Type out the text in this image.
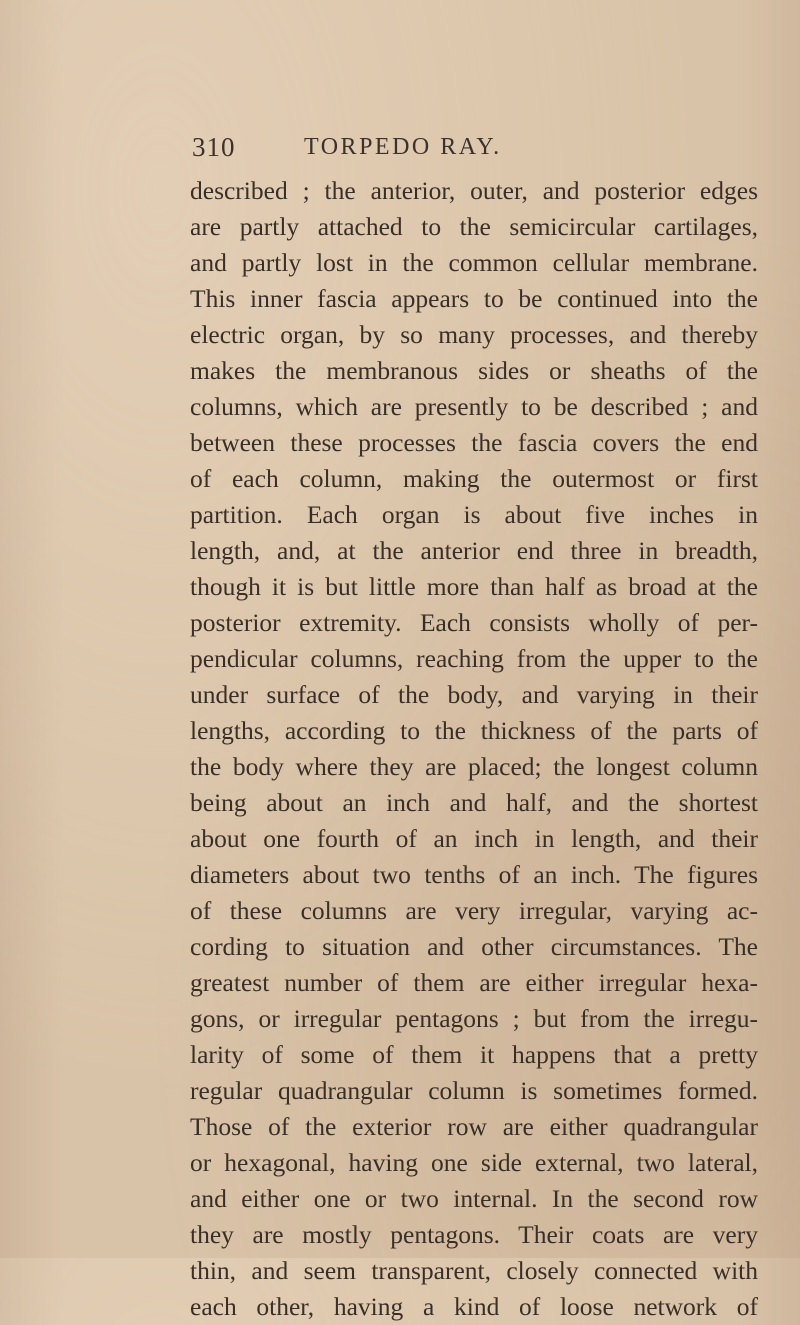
310	TORPEDO RAY.
described ; the anterior, outer, and posterior edges
are partly attached to the semicircular cartilages,
and partly lost in the common cellular membrane.
This inner fascia appears to be continued into the
electric organ, by so many processes, and thereby
makes the membranous sides or sheaths of the
columns, which are presently to be described ; and
between these processes the fascia covers the end
of each column, making the outermost or first
partition. Each organ is about five inches in
length, and, at the anterior end three in breadth,
though it is but little more than half as broad at the
posterior extremity. Each consists wholly of per-
pendicular columns, reaching from the upper to the
under surface of the body, and varying in their
lengths, according to the thickness of the parts of
the body where they are placed; the longest column
being about an inch and half, and the shortest
about one fourth of an inch in length, and their
diameters about two tenths of an inch. The figures
of these columns are very irregular, varying ac-
cording to situation and other circumstances. The
greatest number of them are either irregular hexa-
gons, or irregular pentagons ; but from the irregu-
larity of some of them it happens that a pretty
regular quadrangular column is sometimes formed.
Those of the exterior row are either quadrangular
or hexagonal, having one side external, two lateral,
and either one or two internal. In the second row
they are mostly pentagons. Their coats are very
thin, and seem transparent, closely connected with
each other, having a kind of loose network of
